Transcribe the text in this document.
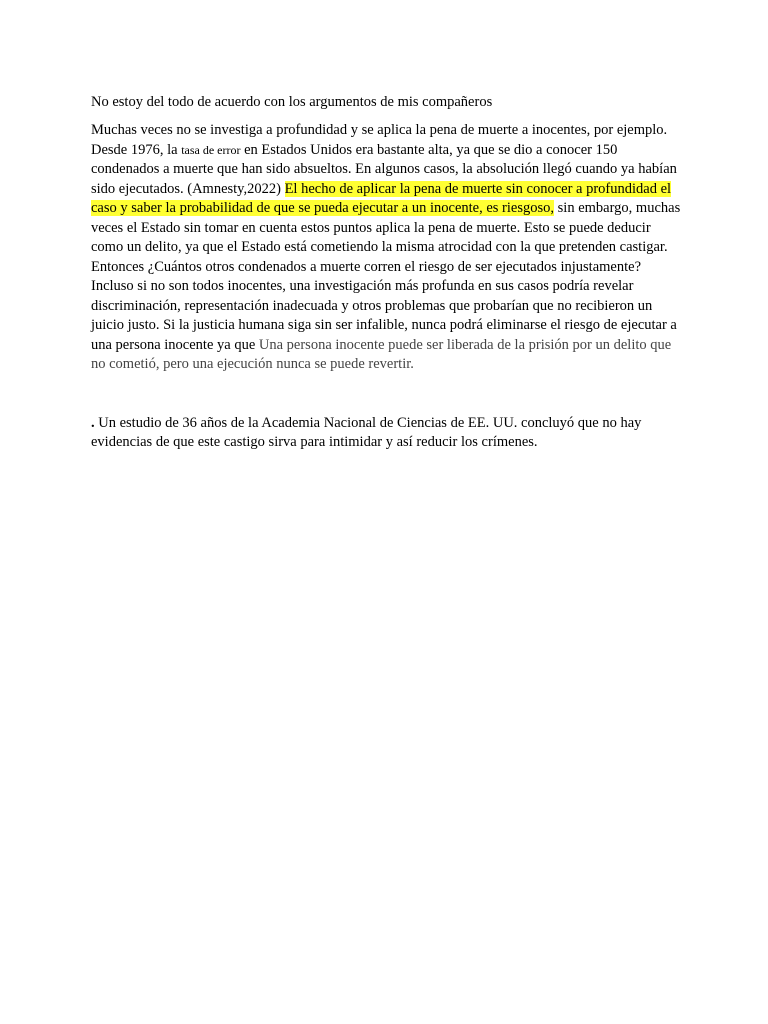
No estoy del todo de acuerdo con los argumentos de mis compañeros

Muchas veces no se investiga a profundidad y se aplica la pena de muerte a inocentes, por ejemplo. Desde 1976, la tasa de error en Estados Unidos era bastante alta, ya que se dio a conocer 150 condenados a muerte que han sido absueltos. En algunos casos, la absolución llegó cuando ya habían sido ejecutados. (Amnesty,2022) El hecho de aplicar la pena de muerte sin conocer a profundidad el caso y saber la probabilidad de que se pueda ejecutar a un inocente, es riesgoso, sin embargo, muchas veces el Estado sin tomar en cuenta estos puntos aplica la pena de muerte. Esto se puede deducir como un delito, ya que el Estado está cometiendo la misma atrocidad con la que pretenden castigar. Entonces ¿Cuántos otros condenados a muerte corren el riesgo de ser ejecutados injustamente? Incluso si no son todos inocentes, una investigación más profunda en sus casos podría revelar discriminación, representación inadecuada y otros problemas que probarían que no recibieron un juicio justo. Si la justicia humana siga sin ser infalible, nunca podrá eliminarse el riesgo de ejecutar a una persona inocente ya que Una persona inocente puede ser liberada de la prisión por un delito que no cometió, pero una ejecución nunca se puede revertir.

. Un estudio de 36 años de la Academia Nacional de Ciencias de EE. UU. concluyó que no hay evidencias de que este castigo sirva para intimidar y así reducir los crímenes.
